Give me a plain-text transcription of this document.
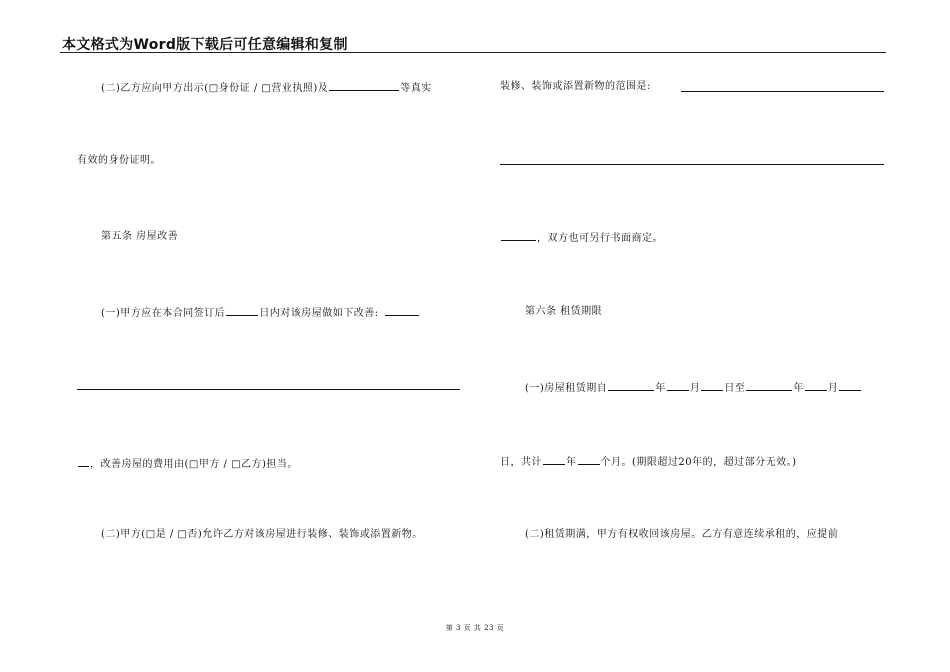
本文格式为Word版下载后可任意编辑和复制
(二)乙方应向甲方出示(□身份证 / □营业执照)及	等真实
有效的身份证明。
第五条 房屋改善
(一)甲方应在本合同签订后	日内对该房屋做如下改善:
，改善房屋的费用由(□甲方 / □乙方)担当。
(二)甲方(□是 / □否)允许乙方对该房屋进行装修、装饰或添置新物。
装修、装饰或添置新物的范围是:
，双方也可另行书面商定。
第六条 租赁期限
(一)房屋租赁期自	年 月 日至	年 月
日，共计 年 个月。(期限超过20年的，超过部分无效。)
(二)租赁期满，甲方有权收回该房屋。乙方有意连续承租的，应提前
第 3 页 共 23 页
